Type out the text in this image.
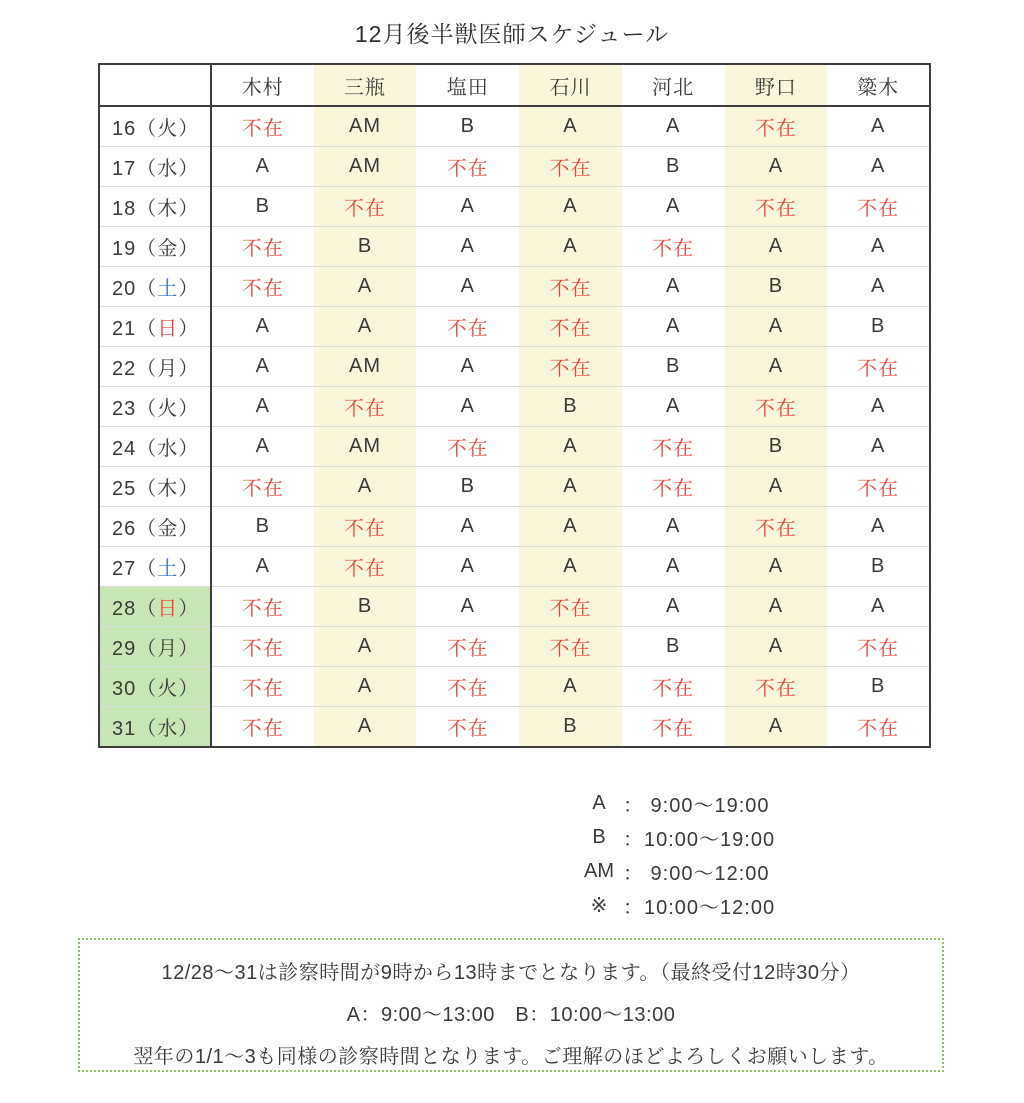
12月後半獣医師スケジュール
	木村	三瓶	塩田	石川	河北	野口	簗木
16（火）	不在	AM	B	A	A	不在	A
17（水）	A	AM	不在	不在	B	A	A
18（木）	B	不在	A	A	A	不在	不在
19（金）	不在	B	A	A	不在	A	A
20（土）	不在	A	A	不在	A	B	A
21（日）	A	A	不在	不在	A	A	B
22（月）	A	AM	A	不在	B	A	不在
23（火）	A	不在	A	B	A	不在	A
24（水）	A	AM	不在	A	不在	B	A
25（木）	不在	A	B	A	不在	A	不在
26（金）	B	不在	A	A	A	不在	A
27（土）	A	不在	A	A	A	A	B
28（日）	不在	B	A	不在	A	A	A
29（月）	不在	A	不在	不在	B	A	不在
30（火）	不在	A	不在	A	不在	不在	B
31（水）	不在	A	不在	B	不在	A	不在
A ： 9:00～19:00
B ： 10:00～19:00
AM ： 9:00～12:00
※ ： 10:00～12:00
12/28～31は診察時間が9時から13時までとなります。（最終受付12時30分）
A：9:00～13:00　B：10:00～13:00
翌年の1/1～3も同様の診察時間となります。ご理解のほどよろしくお願いします。
